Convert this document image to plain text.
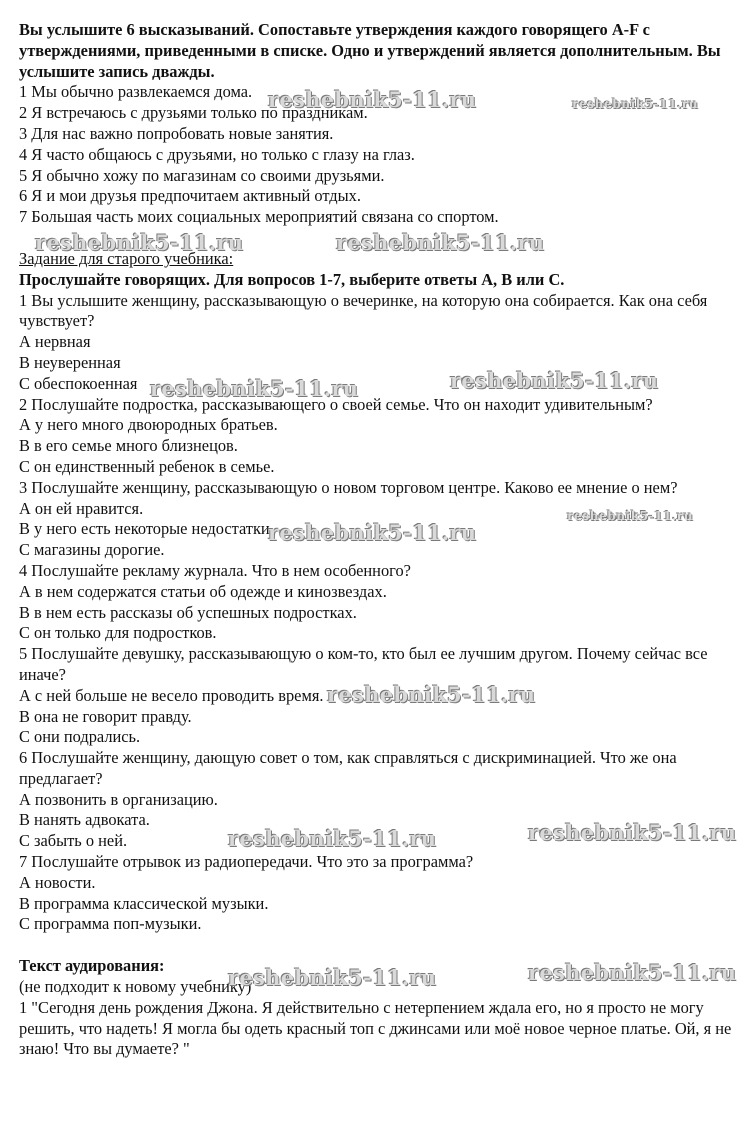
Вы услышите 6 высказываний. Сопоставьте утверждения каждого говорящего A-F с утверждениями, приведенными в списке. Одно и утверждений является дополнительным. Вы услышите запись дважды.
1 Мы обычно развлекаемся дома.
2 Я встречаюсь с друзьями только по праздникам.
3 Для нас важно попробовать новые занятия.
4 Я часто общаюсь с друзьями, но только с глазу на глаз.
5 Я обычно хожу по магазинам со своими друзьями.
6 Я и мои друзья предпочитаем активный отдых.
7 Большая часть моих социальных мероприятий связана со спортом.
Задание для старого учебника:
Прослушайте говорящих. Для вопросов 1-7, выберите ответы А, В или С.
1 Вы услышите женщину, рассказывающую о вечеринке, на которую она собирается. Как она себя чувствует?
А нервная
В неуверенная
С обеспокоенная
2 Послушайте подростка, рассказывающего о своей семье. Что он находит удивительным?
А у него много двоюродных братьев.
В в его семье много близнецов.
С он единственный ребенок в семье.
3 Послушайте женщину, рассказывающую о новом торговом центре. Каково ее мнение о нем?
А он ей нравится.
В у него есть некоторые недостатки.
С магазины дорогие.
4 Послушайте рекламу журнала. Что в нем особенного?
А в нем содержатся статьи об одежде и кинозвездах.
В в нем есть рассказы об успешных подростках.
С он только для подростков.
5 Послушайте девушку, рассказывающую о ком-то, кто был ее лучшим другом. Почему сейчас все иначе?
А с ней больше не весело проводить время.
В она не говорит правду.
С они подрались.
6 Послушайте женщину, дающую совет о том, как справляться с дискриминацией. Что же она предлагает?
А позвонить в организацию.
В нанять адвоката.
С забыть о ней.
7 Послушайте отрывок из радиопередачи. Что это за программа?
А новости.
В программа классической музыки.
С программа поп-музыки.
Текст аудирования:
(не подходит к новому учебнику)
1 "Сегодня день рождения Джона. Я действительно с нетерпением ждала его, но я просто не могу решить, что надеть! Я могла бы одеть красный топ с джинсами или моё новое черное платье. Ой, я не знаю! Что вы думаете? "
reshebnik5-11.ru	reshebnik5-11.ru
reshebnik5-11.ru	reshebnik5-11.ru
reshebnik5-11.ru	reshebnik5-11.ru
reshebnik5-11.ru
reshebnik5-11.ru
reshebnik5-11.ru
reshebnik5-11.ru	reshebnik5-11.ru
reshebnik5-11.ru	reshebnik5-11.ru
